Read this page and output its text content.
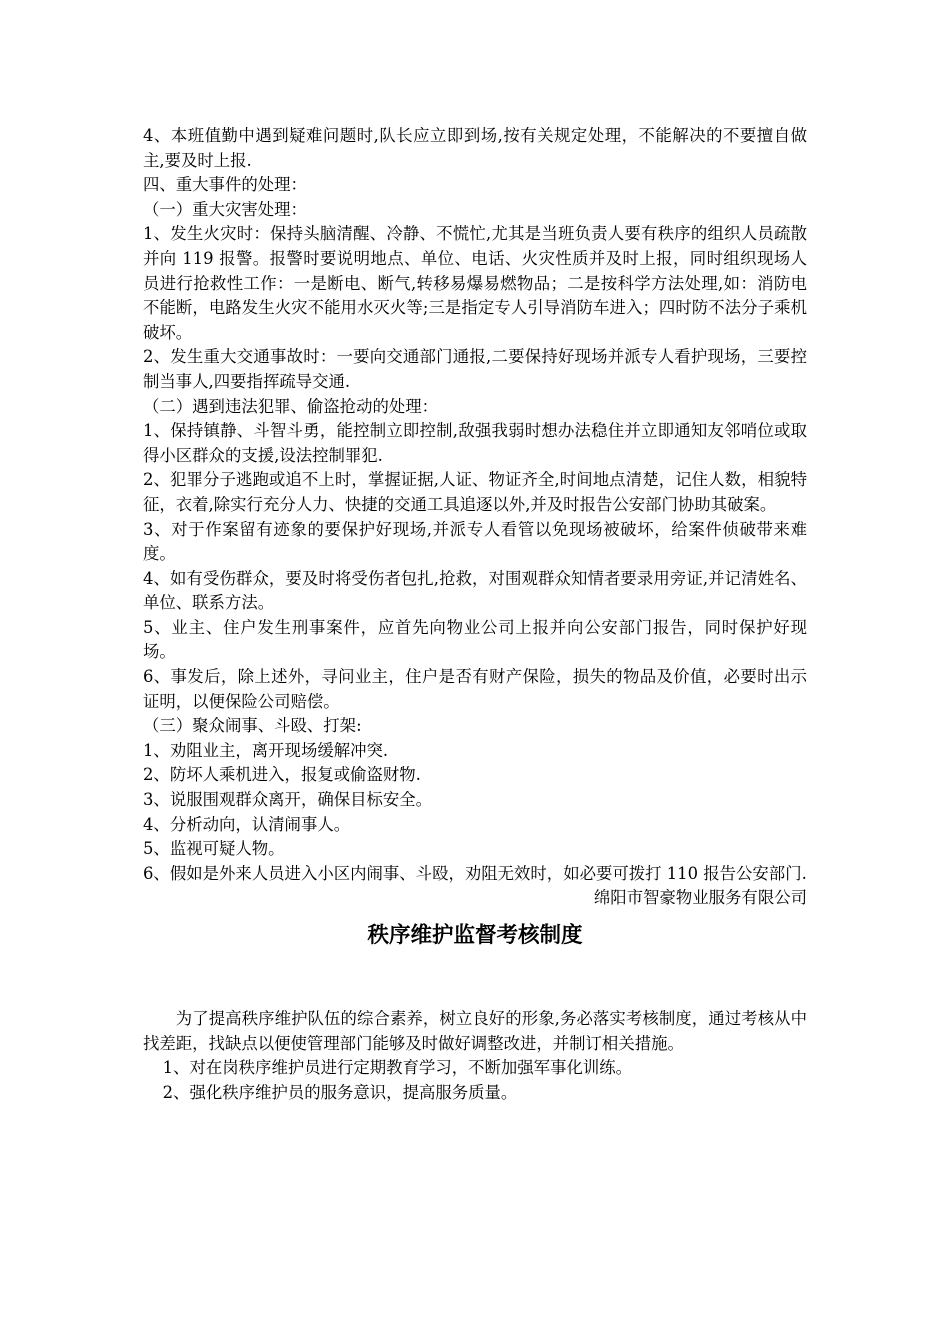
4、本班值勤中遇到疑难问题时,队长应立即到场,按有关规定处理，不能解决的不要擅自做主,要及时上报.

四、重大事件的处理：

（一）重大灾害处理：

1、发生火灾时：保持头脑清醒、冷静、不慌忙,尤其是当班负责人要有秩序的组织人员疏散并向 119 报警。报警时要说明地点、单位、电话、火灾性质并及时上报，同时组织现场人员进行抢救性工作：一是断电、断气,转移易爆易燃物品；二是按科学方法处理,如：消防电不能断，电路发生火灾不能用水灭火等;三是指定专人引导消防车进入；四时防不法分子乘机破坏。

2、发生重大交通事故时：一要向交通部门通报,二要保持好现场并派专人看护现场，三要控制当事人,四要指挥疏导交通.

（二）遇到违法犯罪、偷盗抢动的处理：

1、保持镇静、斗智斗勇，能控制立即控制,敌强我弱时想办法稳住并立即通知友邻哨位或取得小区群众的支援,设法控制罪犯.

2、犯罪分子逃跑或追不上时，掌握证据,人证、物证齐全,时间地点清楚，记住人数，相貌特征，衣着,除实行充分人力、快捷的交通工具追逐以外,并及时报告公安部门协助其破案。

3、对于作案留有迹象的要保护好现场,并派专人看管以免现场被破坏，给案件侦破带来难度。

4、如有受伤群众，要及时将受伤者包扎,抢救，对围观群众知情者要录用旁证,并记清姓名、单位、联系方法。

5、业主、住户发生刑事案件，应首先向物业公司上报并向公安部门报告，同时保护好现场。

6、事发后，除上述外，寻问业主，住户是否有财产保险，损失的物品及价值，必要时出示证明，以便保险公司赔偿。

（三）聚众闹事、斗殴、打架:

1、劝阻业主，离开现场缓解冲突.

2、防坏人乘机进入，报复或偷盗财物.

3、说服围观群众离开，确保目标安全。

4、分析动向，认清闹事人。

5、监视可疑人物。

6、假如是外来人员进入小区内闹事、斗殴，劝阻无效时，如必要可拨打 110 报告公安部门.

绵阳市智豪物业服务有限公司

秩序维护监督考核制度

为了提高秩序维护队伍的综合素养，树立良好的形象,务必落实考核制度，通过考核从中找差距，找缺点以便使管理部门能够及时做好调整改进，并制订相关措施。

1、对在岗秩序维护员进行定期教育学习，不断加强军事化训练。

2、强化秩序维护员的服务意识，提高服务质量。
